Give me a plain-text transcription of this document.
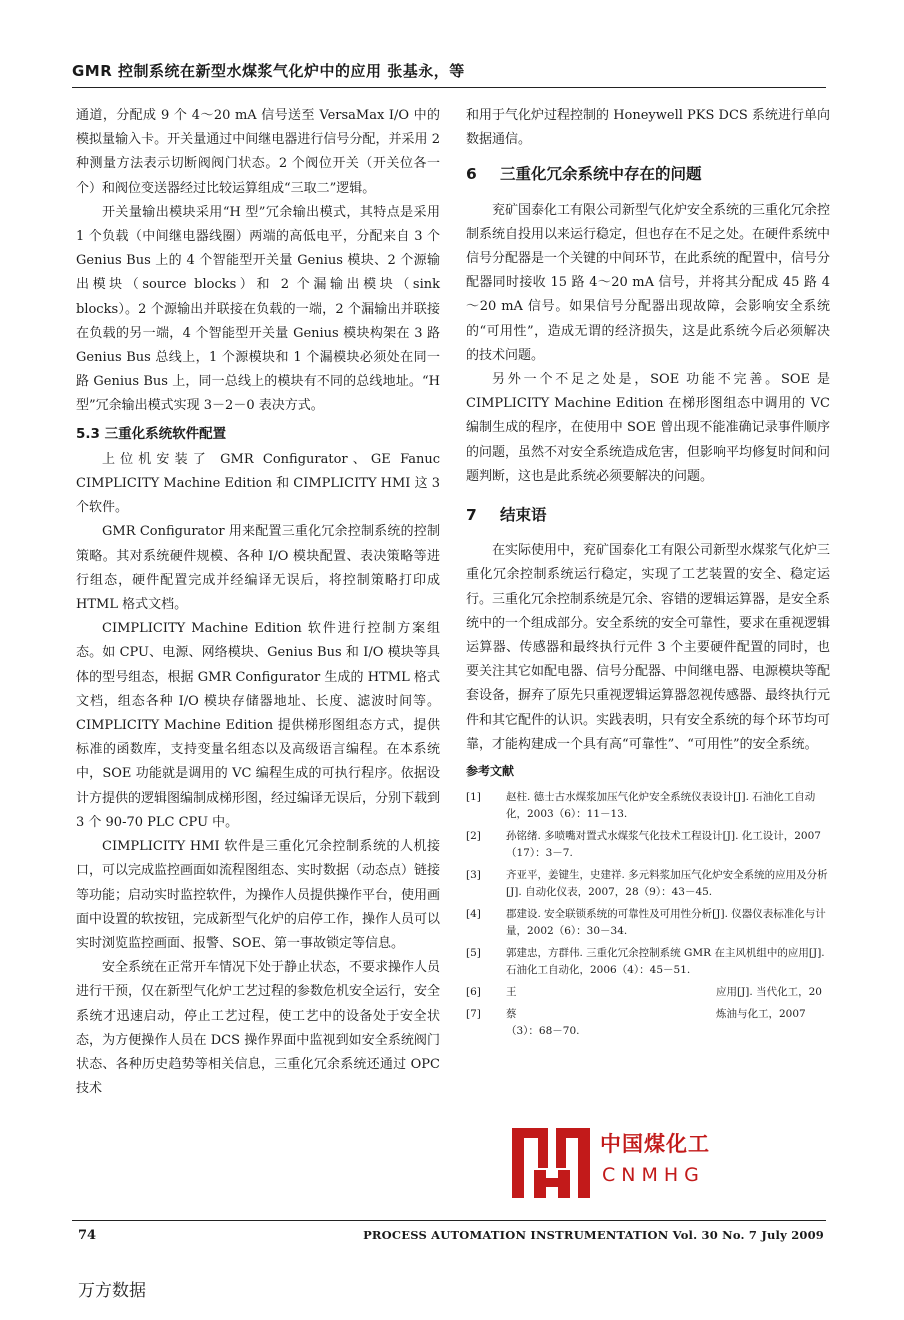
GMR 控制系统在新型水煤浆气化炉中的应用 张基永，等

通道，分配成 9 个 4～20 mA 信号送至 VersaMax I/O 中的模拟量输入卡。开关量通过中间继电器进行信号分配，并采用 2 种测量方法表示切断阀阀门状态。2 个阀位开关（开关位各一个）和阀位变送器经过比较运算组成“三取二”逻辑。

开关量输出模块采用“H 型”冗余输出模式，其特点是采用 1 个负载（中间继电器线圈）两端的高低电平，分配来自 3 个 Genius Bus 上的 4 个智能型开关量 Genius 模块、2 个源输出模块（source blocks）和 2 个漏输出模块（sink blocks）。2 个源输出并联接在负载的一端，2 个漏输出并联接在负载的另一端，4 个智能型开关量 Genius 模块构架在 3 路 Genius Bus 总线上，1 个源模块和 1 个漏模块必须处在同一路 Genius Bus 上，同一总线上的模块有不同的总线地址。“H 型”冗余输出模式实现 3－2－0 表决方式。

5.3 三重化系统软件配置

上位机安装了 GMR Configurator、GE Fanuc CIMPLICITY Machine Edition 和 CIMPLICITY HMI 这 3 个软件。

GMR Configurator 用来配置三重化冗余控制系统的控制策略。其对系统硬件规模、各种 I/O 模块配置、表决策略等进行组态，硬件配置完成并经编译无误后，将控制策略打印成 HTML 格式文档。

CIMPLICITY Machine Edition 软件进行控制方案组态。如 CPU、电源、网络模块、Genius Bus 和 I/O 模块等具体的型号组态，根据 GMR Configurator 生成的 HTML 格式文档，组态各种 I/O 模块存储器地址、长度、滤波时间等。CIMPLICITY Machine Edition 提供梯形图组态方式，提供标准的函数库，支持变量名组态以及高级语言编程。在本系统中，SOE 功能就是调用的 VC 编程生成的可执行程序。依据设计方提供的逻辑图编制成梯形图，经过编译无误后，分别下载到 3 个 90-70 PLC CPU 中。

CIMPLICITY HMI 软件是三重化冗余控制系统的人机接口，可以完成监控画面如流程图组态、实时数据（动态点）链接等功能；启动实时监控软件，为操作人员提供操作平台，使用画面中设置的软按钮，完成新型气化炉的启停工作，操作人员可以实时浏览监控画面、报警、SOE、第一事故锁定等信息。

安全系统在正常开车情况下处于静止状态，不要求操作人员进行干预，仅在新型气化炉工艺过程的参数危机安全运行，安全系统才迅速启动，停止工艺过程，使工艺中的设备处于安全状态，为方便操作人员在 DCS 操作界面中监视到如安全系统阀门状态、各种历史趋势等相关信息，三重化冗余系统还通过 OPC 技术

和用于气化炉过程控制的 Honeywell PKS DCS 系统进行单向数据通信。

6 三重化冗余系统中存在的问题

兖矿国泰化工有限公司新型气化炉安全系统的三重化冗余控制系统自投用以来运行稳定，但也存在不足之处。在硬件系统中信号分配器是一个关键的中间环节，在此系统的配置中，信号分配器同时接收 15 路 4～20 mA 信号，并将其分配成 45 路 4～20 mA 信号。如果信号分配器出现故障，会影响安全系统的“可用性”，造成无谓的经济损失，这是此系统今后必须解决的技术问题。

另外一个不足之处是，SOE 功能不完善。SOE 是 CIMPLICITY Machine Edition 在梯形图组态中调用的 VC 编制生成的程序，在使用中 SOE 曾出现不能准确记录事件顺序的问题，虽然不对安全系统造成危害，但影响平均修复时间和问题判断，这也是此系统必须要解决的问题。

7 结束语

在实际使用中，兖矿国泰化工有限公司新型水煤浆气化炉三重化冗余控制系统运行稳定，实现了工艺装置的安全、稳定运行。三重化冗余控制系统是冗余、容错的逻辑运算器，是安全系统中的一个组成部分。安全系统的安全可靠性，要求在重视逻辑运算器、传感器和最终执行元件 3 个主要硬件配置的同时，也要关注其它如配电器、信号分配器、中间继电器、电源模块等配套设备，摒弃了原先只重视逻辑运算器忽视传感器、最终执行元件和其它配件的认识。实践表明，只有安全系统的每个环节均可靠，才能构建成一个具有高“可靠性”、“可用性”的安全系统。

参考文献
[1] 赵柱. 德士古水煤浆加压气化炉安全系统仪表设计[J]. 石油化工自动化，2003（6）：11－13.
[2] 孙铭绪. 多喷嘴对置式水煤浆气化技术工程设计[J]. 化工设计，2007（17）：3－7.
[3] 齐亚平，姜键生，史建祥. 多元料浆加压气化炉安全系统的应用及分析[J]. 自动化仪表，2007，28（9）：43－45.
[4] 郡建设. 安全联锁系统的可靠性及可用性分析[J]. 仪器仪表标准化与计量，2002（6）：30－34.
[5] 郭建忠，方群伟. 三重化冗余控制系统 GMR 在主风机组中的应用[J]. 石油化工自动化，2006（4）：45－51.
[6] 王　　　　　　　　　　　　　　　　　　　应用[J]. 当代化工，20
[7] 蔡　　　　　　　　　　　　　　　　　　　炼油与化工，2007（3）：68－70.
中国煤化工
CNMHG
74	PROCESS AUTOMATION INSTRUMENTATION Vol. 30 No. 7 July 2009
万方数据
